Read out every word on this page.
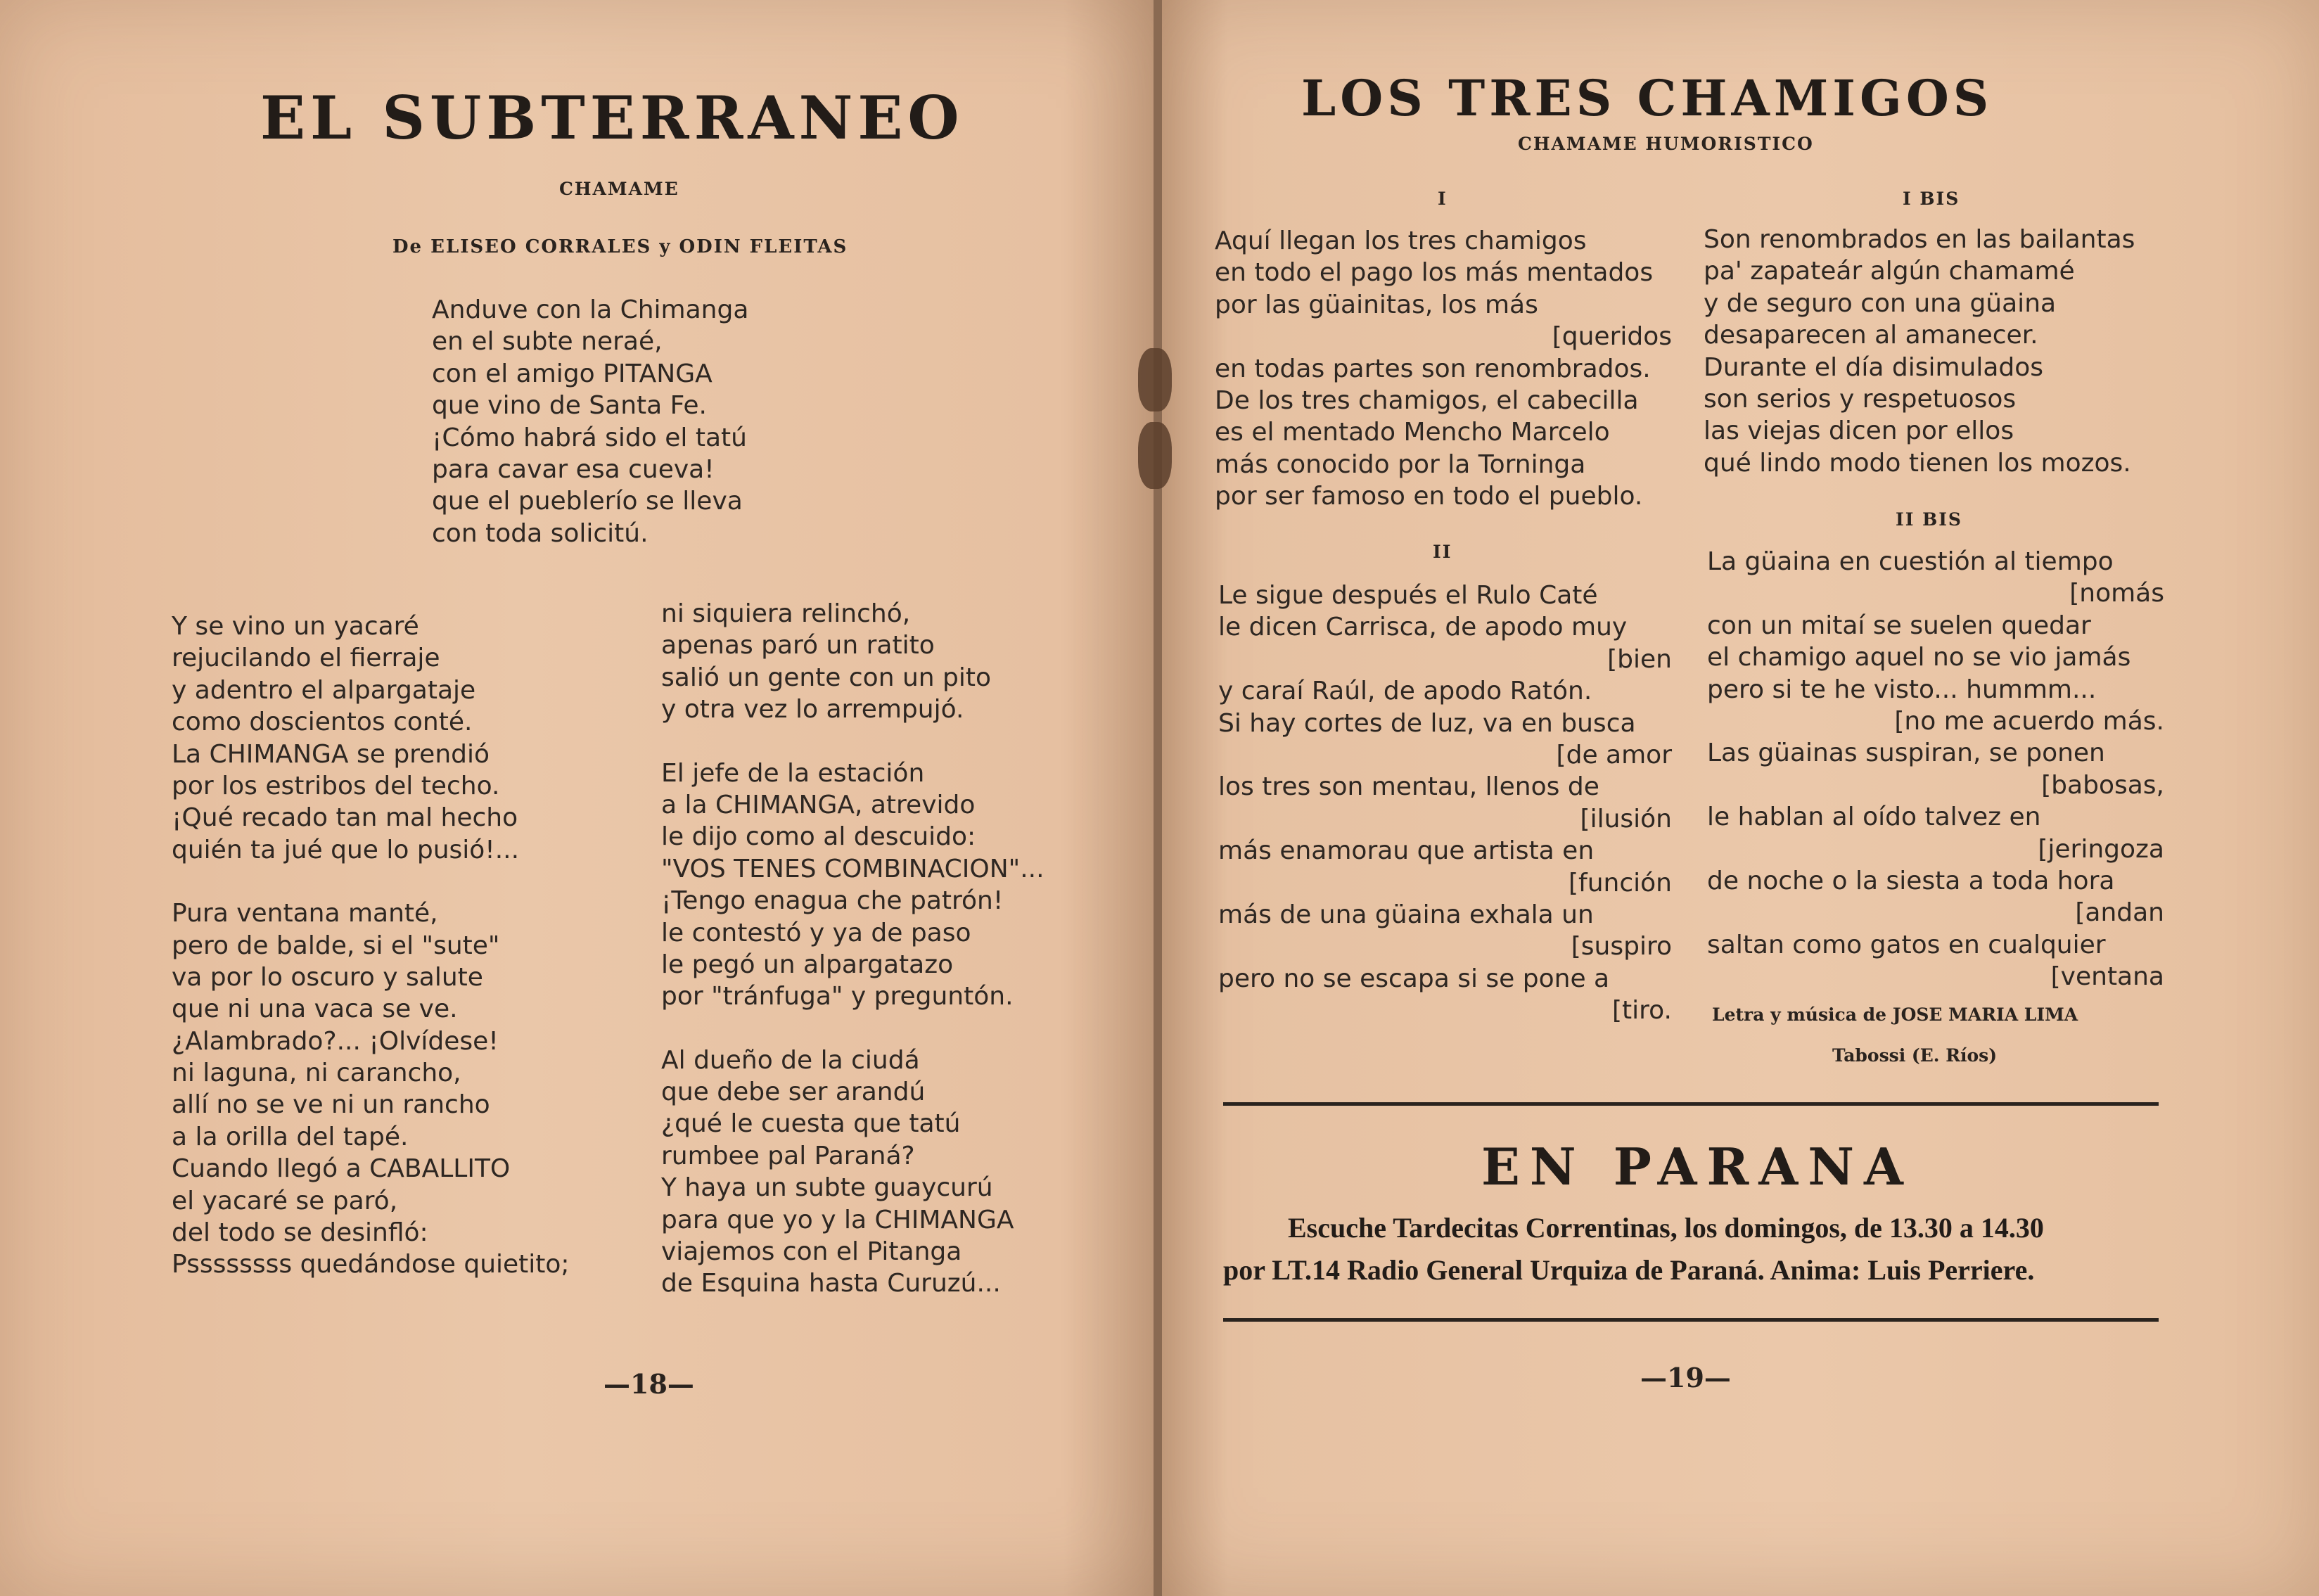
EL SUBTERRANEO
CHAMAME
De ELISEO CORRALES y ODIN FLEITAS
Anduve con la Chimanga
en el subte neraé,
con el amigo PITANGA
que vino de Santa Fe.
¡Cómo habrá sido el tatú
para cavar esa cueva!
que el pueblerío se lleva
con toda solicitú.
Y se vino un yacaré
rejucilando el fierraje
y adentro el alpargataje
como doscientos conté.
La CHIMANGA se prendió
por los estribos del techo.
¡Qué recado tan mal hecho
quién ta jué que lo pusió!...
Pura ventana manté,
pero de balde, si el "sute"
va por lo oscuro y salute
que ni una vaca se ve.
¿Alambrado?... ¡Olvídese!
ni laguna, ni carancho,
allí no se ve ni un rancho
a la orilla del tapé.
Cuando llegó a CABALLITO
el yacaré se paró,
del todo se desinfló:
Pssssssss quedándose quietito;
ni siquiera relinchó,
apenas paró un ratito
salió un gente con un pito
y otra vez lo arrempujó.
El jefe de la estación
a la CHIMANGA, atrevido
le dijo como al descuido:
"VOS TENES COMBINACION"...
¡Tengo enagua che patrón!
le contestó y ya de paso
le pegó un alpargatazo
por "tránfuga" y preguntón.
Al dueño de la ciudá
que debe ser arandú
¿qué le cuesta que tatú
rumbee pal Paraná?
Y haya un subte guaycurú
para que yo y la CHIMANGA
viajemos con el Pitanga
de Esquina hasta Curuzú...
—18—
LOS TRES CHAMIGOS
CHAMAME HUMORISTICO
I	I BIS
Aquí llegan los tres chamigos
en todo el pago los más mentados
por las güainitas, los más
[queridos
en todas partes son renombrados.
De los tres chamigos, el cabecilla
es el mentado Mencho Marcelo
más conocido por la Torninga
por ser famoso en todo el pueblo.
Son renombrados en las bailantas
pa' zapateár algún chamamé
y de seguro con una güaina
desaparecen al amanecer.
Durante el día disimulados
son serios y respetuosos
las viejas dicen por ellos
qué lindo modo tienen los mozos.
II
II BIS
Le sigue después el Rulo Caté
le dicen Carrisca, de apodo muy
[bien
y caraí Raúl, de apodo Ratón.
Si hay cortes de luz, va en busca
[de amor
los tres son mentau, llenos de
[ilusión
más enamorau que artista en
[función
más de una güaina exhala un
[suspiro
pero no se escapa si se pone a
[tiro.
La güaina en cuestión al tiempo
[nomás
con un mitaí se suelen quedar
el chamigo aquel no se vio jamás
pero si te he visto... hummm...
[no me acuerdo más.
Las güainas suspiran, se ponen
[babosas,
le hablan al oído talvez en
[jeringoza
de noche o la siesta a toda hora
[andan
saltan como gatos en cualquier
[ventana
Letra y música de JOSE MARIA LIMA
Tabossi (E. Ríos)
EN PARANA
Escuche Tardecitas Correntinas, los domingos, de 13.30 a 14.30
por LT.14 Radio General Urquiza de Paraná. Anima: Luis Perriere.
—19—
